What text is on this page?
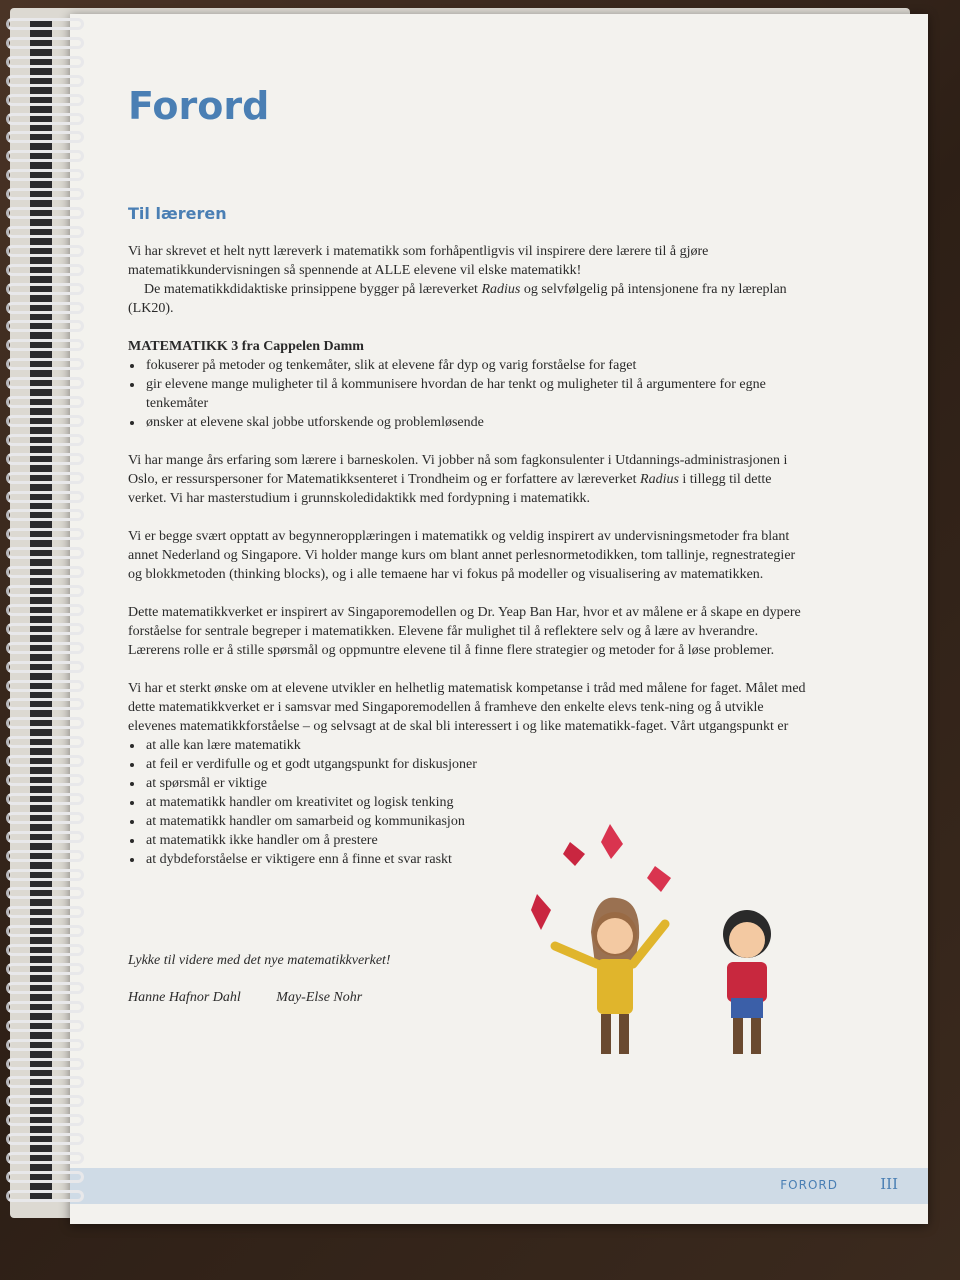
Forord
Til læreren

Vi har skrevet et helt nytt læreverk i matematikk som forhåpentligvis vil inspirere dere lærere til å gjøre matematikkundervisningen så spennende at ALLE elevene vil elske matematikk!

De matematikkdidaktiske prinsippene bygger på læreverket Radius og selvfølgelig på intensjonene fra ny læreplan (LK20).

MATEMATIKK 3 fra Cappelen Damm

• fokuserer på metoder og tenkemåter, slik at elevene får dyp og varig forståelse for faget
• gir elevene mange muligheter til å kommunisere hvordan de har tenkt og muligheter til å argumentere for egne tenkemåter
• ønsker at elevene skal jobbe utforskende og problemløsende

Vi har mange års erfaring som lærere i barneskolen. Vi jobber nå som fagkonsulenter i Utdannings-administrasjonen i Oslo, er ressurspersoner for Matematikksenteret i Trondheim og er forfattere av læreverket Radius i tillegg til dette verket. Vi har masterstudium i grunnskoledidaktikk med fordypning i matematikk.

Vi er begge svært opptatt av begynneropplæringen i matematikk og veldig inspirert av undervisningsmetoder fra blant annet Nederland og Singapore. Vi holder mange kurs om blant annet perlesnormetodikken, tom tallinje, regnestrategier og blokkmetoden (thinking blocks), og i alle temaene har vi fokus på modeller og visualisering av matematikken.

Dette matematikkverket er inspirert av Singaporemodellen og Dr. Yeap Ban Har, hvor et av målene er å skape en dypere forståelse for sentrale begreper i matematikken. Elevene får mulighet til å reflektere selv og å lære av hverandre. Lærerens rolle er å stille spørsmål og oppmuntre elevene til å finne flere strategier og metoder for å løse problemer.

Vi har et sterkt ønske om at elevene utvikler en helhetlig matematisk kompetanse i tråd med målene for faget. Målet med dette matematikkverket er i samsvar med Singaporemodellen å framheve den enkelte elevs tenk-ning og å utvikle elevenes matematikkforståelse – og selvsagt at de skal bli interessert i og like matematikk-faget. Vårt utgangspunkt er

• at alle kan lære matematikk
• at feil er verdifulle og et godt utgangspunkt for diskusjoner
• at spørsmål er viktige
• at matematikk handler om kreativitet og logisk tenking
• at matematikk handler om samarbeid og kommunikasjon
• at matematikk ikke handler om å prestere
• at dybdeforståelse er viktigere enn å finne et svar raskt
Lykke til videre med det nye matematikkverket!
Hanne Hafnor Dahl	May-Else Nohr
FORORD	III
